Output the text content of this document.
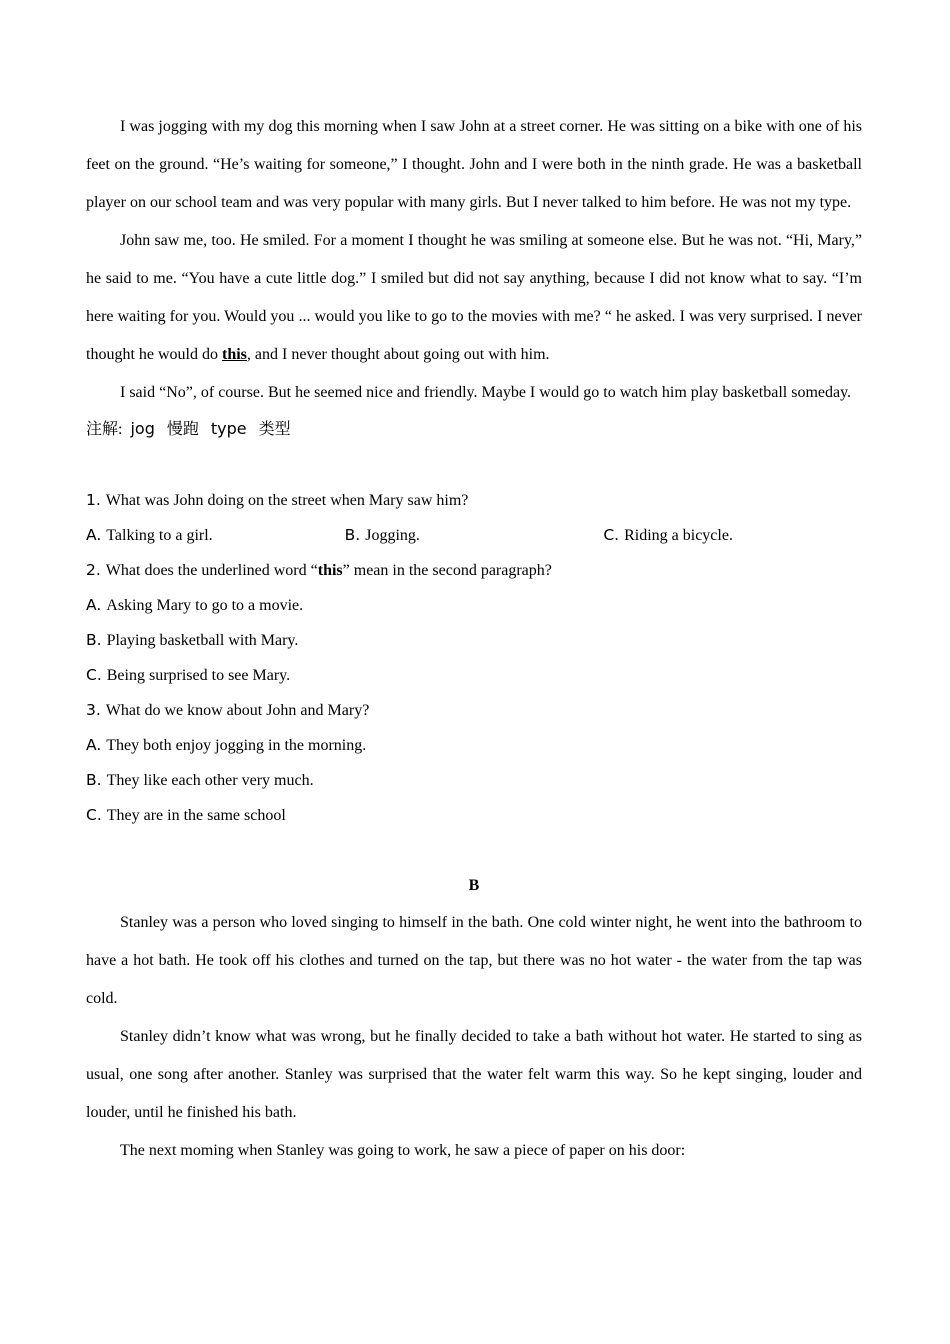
I was jogging with my dog this morning when I saw John at a street corner. He was sitting on a bike with one of his feet on the ground. “He’s waiting for someone,” I thought. John and I were both in the ninth grade. He was a basketball player on our school team and was very popular with many girls. But I never talked to him before. He was not my type.

John saw me, too. He smiled. For a moment I thought he was smiling at someone else. But he was not. “Hi, Mary,” he said to me. “You have a cute little dog.” I smiled but did not say anything, because I did not know what to say. “I’m here waiting for you. Would you ... would you like to go to the movies with me? “ he asked. I was very surprised. I never thought he would do this, and I never thought about going out with him.

I said “No”, of course. But he seemed nice and friendly. Maybe I would go to watch him play basketball someday.

注解: jog 慢跑 type 类型
1. What was John doing on the street when Mary saw him?
A. Talking to a girl.	B. Jogging.	C. Riding a bicycle.
2. What does the underlined word “this” mean in the second paragraph?
A. Asking Mary to go to a movie.
B. Playing basketball with Mary.
C. Being surprised to see Mary.
3. What do we know about John and Mary?
A. They both enjoy jogging in the morning.
B. They like each other very much.
C. They are in the same school
B

Stanley was a person who loved singing to himself in the bath. One cold winter night, he went into the bathroom to have a hot bath. He took off his clothes and turned on the tap, but there was no hot water - the water from the tap was cold.

Stanley didn’t know what was wrong, but he finally decided to take a bath without hot water. He started to sing as usual, one song after another. Stanley was surprised that the water felt warm this way. So he kept singing, louder and louder, until he finished his bath.

The next moming when Stanley was going to work, he saw a piece of paper on his door:
